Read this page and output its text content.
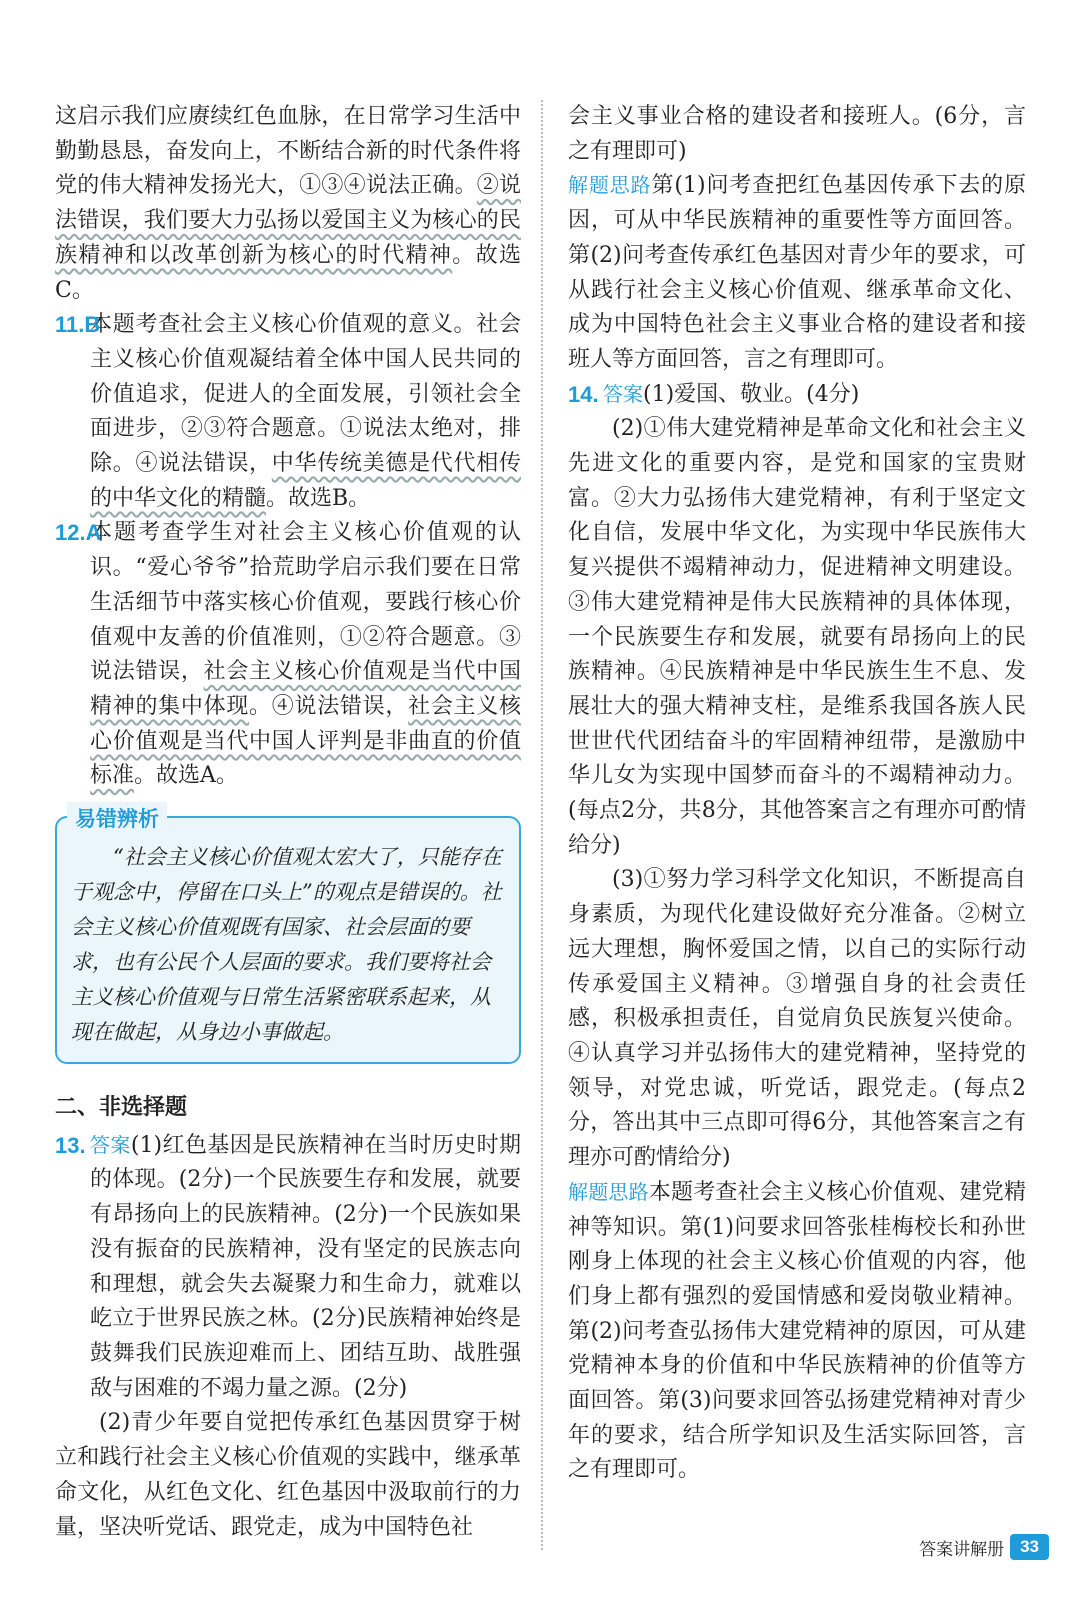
这启示我们应赓续红色血脉，在日常学习生活中勤勤恳恳，奋发向上，不断结合新的时代条件将党的伟大精神发扬光大，①③④说法正确。②说法错误，我们要大力弘扬以爱国主义为核心的民族精神和以改革创新为核心的时代精神。故选C。

11.B
本题考查社会主义核心价值观的意义。社会主义核心价值观凝结着全体中国人民共同的价值追求，促进人的全面发展，引领社会全面进步，②③符合题意。①说法太绝对，排除。④说法错误，中华传统美德是代代相传的中华文化的精髓。故选B。
12.A
本题考查学生对社会主义核心价值观的认识。“爱心爷爷”拾荒助学启示我们要在日常生活细节中落实核心价值观，要践行核心价值观中友善的价值准则，①②符合题意。③说法错误，社会主义核心价值观是当代中国精神的集中体现。④说法错误，社会主义核心价值观是当代中国人评判是非曲直的价值标准。故选A。
易错辨析

“社会主义核心价值观太宏大了，只能存在于观念中，停留在口头上”的观点是错误的。社会主义核心价值观既有国家、社会层面的要求，也有公民个人层面的要求。我们要将社会主义核心价值观与日常生活紧密联系起来，从现在做起，从身边小事做起。

二、非选择题
13. 答案(1)红色基因是民族精神在当时历史时期的体现。(2分)一个民族要生存和发展，就要有昂扬向上的民族精神。(2分)一个民族如果没有振奋的民族精神，没有坚定的民族志向和理想，就会失去凝聚力和生命力，就难以屹立于世界民族之林。(2分)民族精神始终是鼓舞我们民族迎难而上、团结互助、战胜强敌与困难的不竭力量之源。(2分)

(2)青少年要自觉把传承红色基因贯穿于树立和践行社会主义核心价值观的实践中，继承革命文化，从红色文化、红色基因中汲取前行的力量，坚决听党话、跟党走，成为中国特色社

会主义事业合格的建设者和接班人。(6分，言之有理即可)

解题思路第(1)问考查把红色基因传承下去的原因，可从中华民族精神的重要性等方面回答。第(2)问考查传承红色基因对青少年的要求，可从践行社会主义核心价值观、继承革命文化、成为中国特色社会主义事业合格的建设者和接班人等方面回答，言之有理即可。

14. 答案(1)爱国、敬业。(4分)

(2)①伟大建党精神是革命文化和社会主义先进文化的重要内容，是党和国家的宝贵财富。②大力弘扬伟大建党精神，有利于坚定文化自信，发展中华文化，为实现中华民族伟大复兴提供不竭精神动力，促进精神文明建设。③伟大建党精神是伟大民族精神的具体体现，一个民族要生存和发展，就要有昂扬向上的民族精神。④民族精神是中华民族生生不息、发展壮大的强大精神支柱，是维系我国各族人民世世代代团结奋斗的牢固精神纽带，是激励中华儿女为实现中国梦而奋斗的不竭精神动力。(每点2分，共8分，其他答案言之有理亦可酌情给分)

(3)①努力学习科学文化知识，不断提高自身素质，为现代化建设做好充分准备。②树立远大理想，胸怀爱国之情，以自己的实际行动传承爱国主义精神。③增强自身的社会责任感，积极承担责任，自觉肩负民族复兴使命。④认真学习并弘扬伟大的建党精神，坚持党的领导，对党忠诚，听党话，跟党走。(每点2分，答出其中三点即可得6分，其他答案言之有理亦可酌情给分)

解题思路本题考查社会主义核心价值观、建党精神等知识。第(1)问要求回答张桂梅校长和孙世刚身上体现的社会主义核心价值观的内容，他们身上都有强烈的爱国情感和爱岗敬业精神。第(2)问考查弘扬伟大建党精神的原因，可从建党精神本身的价值和中华民族精神的价值等方面回答。第(3)问要求回答弘扬建党精神对青少年的要求，结合所学知识及生活实际回答，言之有理即可。

答案讲解册 33
